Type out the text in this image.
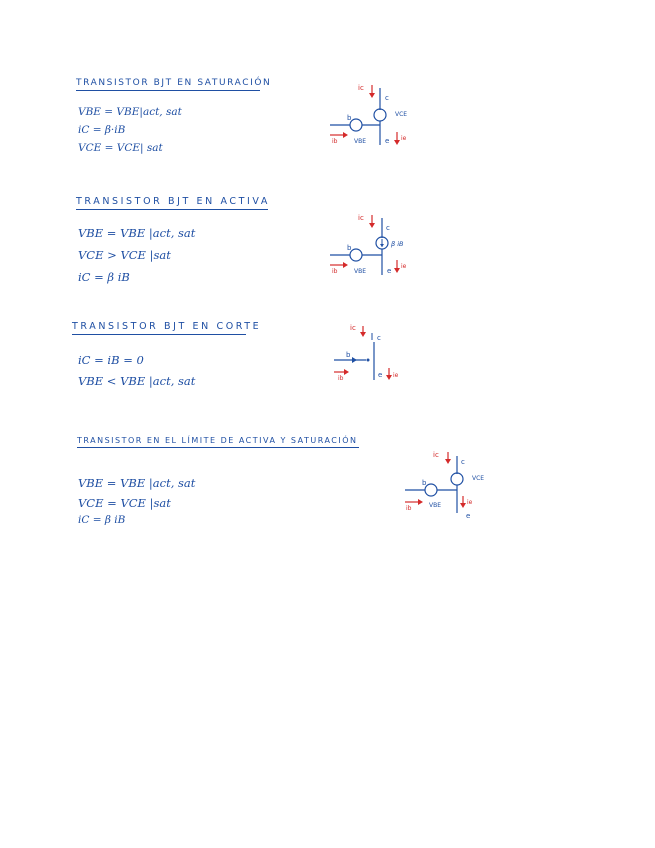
TRANSISTOR BJT EN SATURACIÓN
VBE = VBE|act, sat
iC = β·iB
VCE = VCE| sat
ic
c
b	VCE
VBE
ib	e ie
TRANSISTOR BJT EN ACTIVA
VBE = VBE |act, sat
VCE > VCE |sat
iC = β iB
ic
c
β iB
b
VBE
ib	e
ie
TRANSISTOR BJT EN CORTE
iC = iB = 0
VBE < VBE |act, sat
ic
c
b
ib	e ie
TRANSISTOR EN EL LÍMITE DE ACTIVA Y SATURACIÓN
VBE = VBE |act, sat
VCE = VCE |sat
iC = β iB
ic
c
VCE
b
VBE
ib
ie
e
